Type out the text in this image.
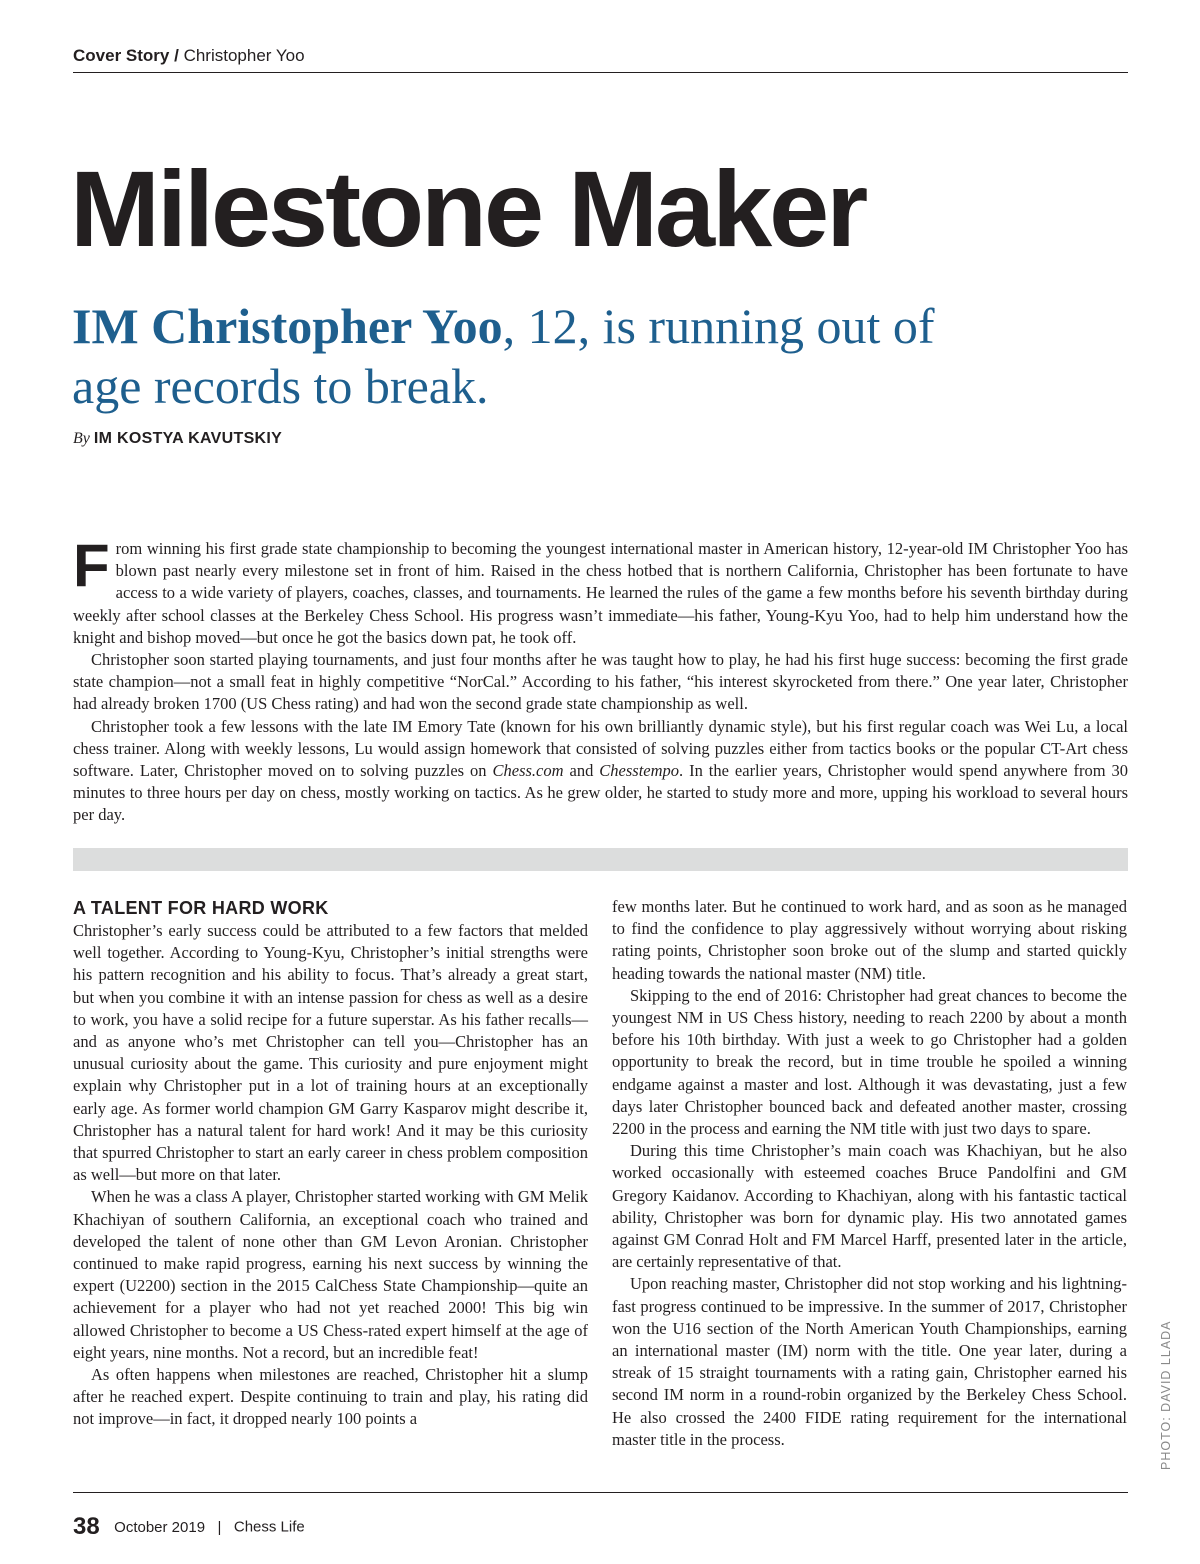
Cover Story / Christopher Yoo
Milestone Maker
IM Christopher Yoo, 12, is running out of age records to break.
By IM KOSTYA KAVUTSKIY

From winning his first grade state championship to becoming the youngest international master in American history, 12-year-old IM Christopher Yoo has blown past nearly every milestone set in front of him. Raised in the chess hotbed that is northern California, Christopher has been fortunate to have access to a wide variety of players, coaches, classes, and tournaments. He learned the rules of the game a few months before his seventh birthday during weekly after school classes at the Berkeley Chess School. His progress wasn’t immediate—his father, Young-Kyu Yoo, had to help him understand how the knight and bishop moved—but once he got the basics down pat, he took off.

Christopher soon started playing tournaments, and just four months after he was taught how to play, he had his first huge success: becoming the first grade state champion—not a small feat in highly competitive “NorCal.” According to his father, “his interest skyrocketed from there.” One year later, Christopher had already broken 1700 (US Chess rating) and had won the second grade state championship as well.

Christopher took a few lessons with the late IM Emory Tate (known for his own brilliantly dynamic style), but his first regular coach was Wei Lu, a local chess trainer. Along with weekly lessons, Lu would assign homework that consisted of solving puzzles either from tactics books or the popular CT-Art chess software. Later, Christopher moved on to solving puzzles on Chess.com and Chesstempo. In the earlier years, Christopher would spend anywhere from 30 minutes to three hours per day on chess, mostly working on tactics. As he grew older, he started to study more and more, upping his workload to several hours per day.

A TALENT FOR HARD WORK

Christopher’s early success could be attributed to a few factors that melded well together. According to Young-Kyu, Christopher’s initial strengths were his pattern recognition and his ability to focus. That’s already a great start, but when you combine it with an intense passion for chess as well as a desire to work, you have a solid recipe for a future superstar. As his father recalls—and as anyone who’s met Christopher can tell you—Christopher has an unusual curiosity about the game. This curiosity and pure enjoyment might explain why Christopher put in a lot of training hours at an exceptionally early age. As former world champion GM Garry Kasparov might describe it, Christopher has a natural talent for hard work! And it may be this curiosity that spurred Christopher to start an early career in chess problem composition as well—but more on that later.

When he was a class A player, Christopher started working with GM Melik Khachiyan of southern California, an exceptional coach who trained and developed the talent of none other than GM Levon Aronian. Christopher continued to make rapid progress, earning his next success by winning the expert (U2200) section in the 2015 CalChess State Championship—quite an achievement for a player who had not yet reached 2000! This big win allowed Christopher to become a US Chess-rated expert himself at the age of eight years, nine months. Not a record, but an incredible feat!

As often happens when milestones are reached, Christopher hit a slump after he reached expert. Despite continuing to train and play, his rating did not improve—in fact, it dropped nearly 100 points a

few months later. But he continued to work hard, and as soon as he managed to find the confidence to play aggressively without worrying about risking rating points, Christopher soon broke out of the slump and started quickly heading towards the national master (NM) title.

Skipping to the end of 2016: Christopher had great chances to become the youngest NM in US Chess history, needing to reach 2200 by about a month before his 10th birthday. With just a week to go Christopher had a golden opportunity to break the record, but in time trouble he spoiled a winning endgame against a master and lost. Although it was devastating, just a few days later Christopher bounced back and defeated another master, crossing 2200 in the process and earning the NM title with just two days to spare.

During this time Christopher’s main coach was Khachiyan, but he also worked occasionally with esteemed coaches Bruce Pandolfini and GM Gregory Kaidanov. According to Khachiyan, along with his fantastic tactical ability, Christopher was born for dynamic play. His two annotated games against GM Conrad Holt and FM Marcel Harff, presented later in the article, are certainly representative of that.

Upon reaching master, Christopher did not stop working and his lightning-fast progress continued to be impressive. In the summer of 2017, Christopher won the U16 section of the North American Youth Championships, earning an international master (IM) norm with the title. One year later, during a streak of 15 straight tournaments with a rating gain, Christopher earned his second IM norm in a round-robin organized by the Berkeley Chess School. He also crossed the 2400 FIDE rating requirement for the international master title in the process.	PHOTO: DAVID LLADA
38 October 2019 | Chess Life
